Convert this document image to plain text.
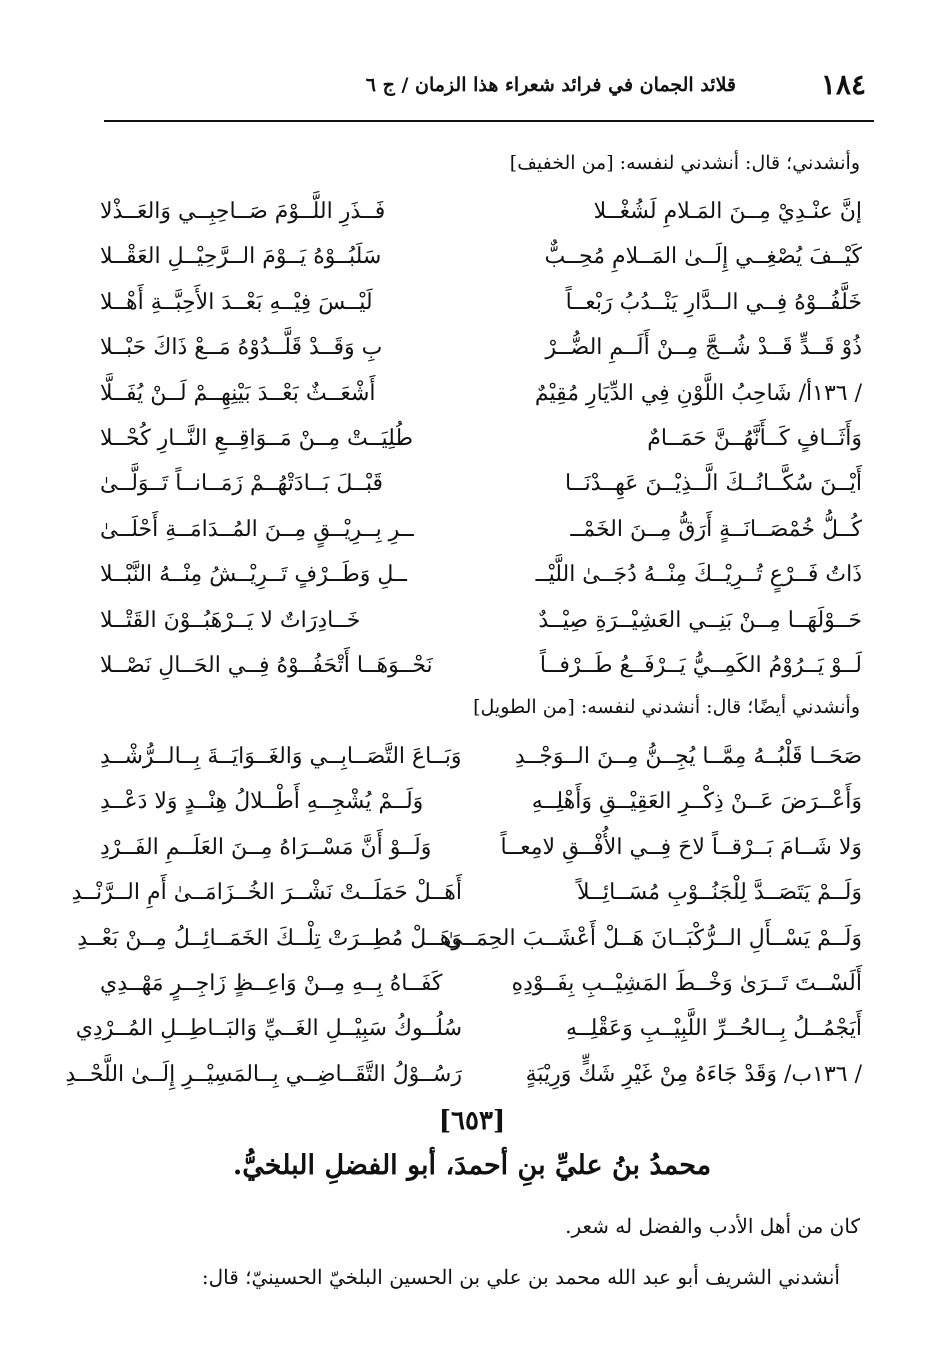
١٨٤
قلائد الجمان في فرائد شعراء هذا الزمان / ج ٦
وأنشدني؛ قال: أنشدني لنفسه: [من الخفيف]
إنَّ عنْـدِيْ مِــنَ المَـلامِ لَشُغْــلا
فَــذَرِ اللَّــوْمَ صَــاحِبِــي وَالعَــذْلا
كَيْــفَ يُصْغِــي إِلَــىٰ المَــلامِ مُحِــبٌّ
سَلَبُــوْهُ يَــوْمَ الــرَّحِيْــلِ العَقْــلا
خَلَّفُــوْهُ فِــي الــدَّارِ يَنْــدُبُ رَبْعــاً
لَيْــسَ فِيْــهِ بَعْــدَ الأَحِبَّــةِ أَهْــلا
ذُوْ قَــدٍّ قَــدْ شُــجَّ مِــنْ أَلَــمِ الضُّــرْ
بِ وَقَــدْ قَلَّــدُوْهُ مَــعْ ذَاكَ حَبْــلا
/ ١٣٦أ/ شَاحِبُ اللَّوْنِ فِي الدِّيَارِ مُقِيْمٌ
أَشْعَــثٌ بَعْــدَ بَيْنِهِــمْ لَــنْ يُفَــلَّا
وَأَثَــافٍ كَــأَنَّهُــنَّ حَمَــامٌ
طُلِيَــتْ مِــنْ مَــوَاقِــعِ النَّــارِ كُحْــلا
أَيْــنَ سُكَّــانُــكَ الَّــذِيْــنَ عَهِــدْنَــا
قَبْــلَ بَــادَتْهُــمْ زَمَــانــاً تَــوَلَّــىٰ
كُــلُّ خُمْصَــانَــةٍ أَرَقُّ مِــنَ الخَمْــ
ــرِ بِــرِيْــقٍ مِــنَ المُــدَامَــةِ أَحْلَــىٰ
ذَاتُ فَــرْعٍ تُــرِيْــكَ مِنْــهُ دُجَــىٰ اللَّيْــ
ــلِ وَطَــرْفٍ تَــرِيْــشُ مِنْــهُ النَّبْــلا
حَــوْلَهَــا مِــنْ بَنِــي العَشِيْــرَةِ صِيْــدٌ
خَــادِرَاتٌ لا يَــرْهَبُــوْنَ القَتْــلا
لَــوْ يَــرُوْمُ الكَمِــيُّ يَــرْفَــعُ طَــرْفــاً
نَحْــوَهَــا أَتْحَفُــوْهُ فِــي الحَــالِ نَصْــلا
وأنشدني أيضًا؛ قال: أنشدني لنفسه: [من الطويل]
صَحَــا قَلْبُــهُ مِمَّــا يُجِــنُّ مِــنَ الــوَجْــدِ
وَبَــاعَ التَّصَــابِــي وَالغَــوَايَــةَ بِــالــرُّشْــدِ
وَأَعْــرَضَ عَــنْ ذِكْــرِ العَقِيْــقِ وَأَهْلِــهِ
وَلَــمْ يُشْجِــهِ أَطْــلالُ هِنْــدٍ وَلا دَعْــدِ
وَلا شَــامَ بَــرْقــاً لاحَ فِــي الأُفْــقِ لامِعــاً
وَلَــوْ أَنَّ مَسْــرَاهُ مِــنَ العَلَــمِ الفَــرْدِ
وَلَــمْ يَتَصَــدَّ لِلْجَنُــوْبِ مُسَــائِــلاً
أَهَــلْ حَمَلَــتْ نَشْــرَ الخُــزَامَــىٰ أَمِ الــرَّنْــدِ
وَلَــمْ يَسْــأَلِ الــرُّكْبَــانَ هَــلْ أَعْشَــبَ الحِمَــىٰ
وَهَــلْ مُطِــرَتْ تِلْــكَ الخَمَــائِــلُ مِــنْ بَعْــدِ
أَلَسْــتَ تَــرَىٰ وَخْــطَ المَشِيْــبِ بِفَــوْدِهِ
كَفَــاهُ بِــهِ مِــنْ وَاعِــظٍ زَاجِــرٍ مَهْــدِي
أَيَجْمُــلُ بِــالحُــرِّ اللَّبِيْــبِ وَعَقْلِــهِ
سُلُــوكُ سَبِيْــلِ الغَــيِّ وَالبَــاطِــلِ المُــرْدِي
/ ١٣٦ب/ وَقَدْ جَاءَهُ مِنْ غَيْرِ شَكٍّ وَرِيْبَةٍ
رَسُــوْلُ التَّقَــاضِــي بِــالمَسِيْــرِ إِلَــىٰ اللَّحْــدِ
[٦٥٣]
محمدُ بنُ عليِّ بنِ أحمدَ، أبو الفضلِ البلخيُّ.
كان من أهل الأدب والفضل له شعر.
أنشدني الشريف أبو عبد الله محمد بن علي بن الحسين البلخيّ الحسينيّ؛ قال:
